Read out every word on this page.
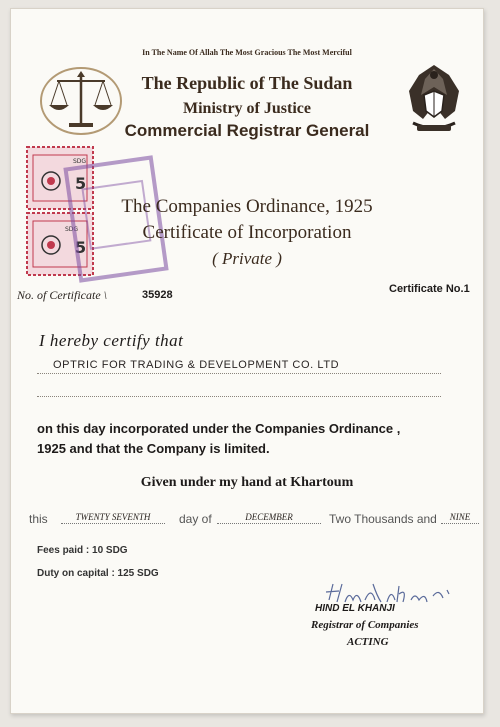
In The Name Of Allah The Most Gracious The Most Merciful
The Republic of The Sudan
Ministry of Justice
Commercial Registrar General
5
SDG
5
SDG
The Companies Ordinance, 1925
Certificate of Incorporation
( Private )
No. of Certificate \	35928	Certificate No.1
I hereby certify that
OPTRIC FOR TRADING & DEVELOPMENT CO. LTD
on this day incorporated under the Companies Ordinance ,
1925 and that the Company is limited.
Given under my hand at Khartoum
this	TWENTY SEVENTH	day of	DECEMBER	Two Thousands and	NINE
Fees paid : 10 SDG
Duty on capital : 125 SDG
HIND EL KHANJI
Registrar of Companies
ACTING
